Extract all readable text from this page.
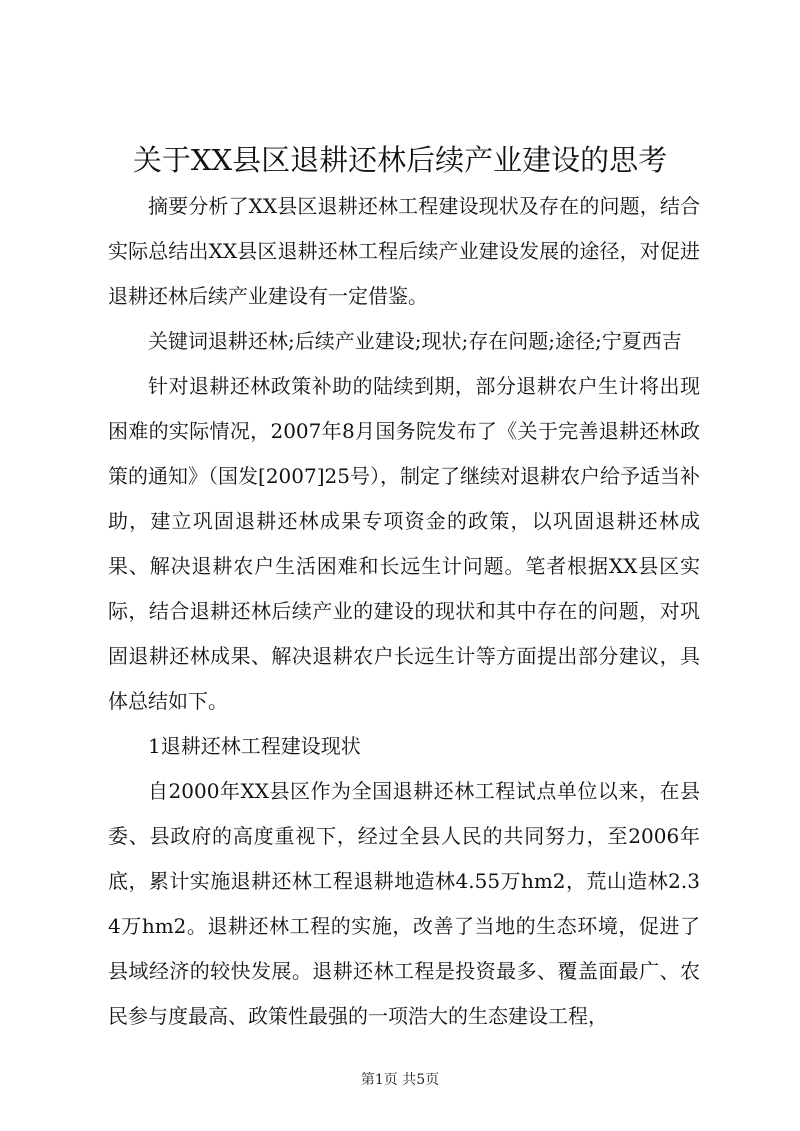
关于XX县区退耕还林后续产业建设的思考

摘要分析了XX县区退耕还林工程建设现状及存在的问题，结合实际总结出XX县区退耕还林工程后续产业建设发展的途径，对促进退耕还林后续产业建设有一定借鉴。

关键词退耕还林;后续产业建设;现状;存在问题;途径;宁夏西吉

针对退耕还林政策补助的陆续到期，部分退耕农户生计将出现困难的实际情况，2007年8月国务院发布了《关于完善退耕还林政策的通知》（国发[2007]25号），制定了继续对退耕农户给予适当补助，建立巩固退耕还林成果专项资金的政策，以巩固退耕还林成果、解决退耕农户生活困难和长远生计问题。笔者根据XX县区实际，结合退耕还林后续产业的建设的现状和其中存在的问题，对巩固退耕还林成果、解决退耕农户长远生计等方面提出部分建议，具体总结如下。

1退耕还林工程建设现状

自2000年XX县区作为全国退耕还林工程试点单位以来，在县委、县政府的高度重视下，经过全县人民的共同努力，至2006年底，累计实施退耕还林工程退耕地造林4.55万hm2，荒山造林2.34万hm2。退耕还林工程的实施，改善了当地的生态环境，促进了县域经济的较快发展。退耕还林工程是投资最多、覆盖面最广、农民参与度最高、政策性最强的一项浩大的生态建设工程，

第1页 共5页
